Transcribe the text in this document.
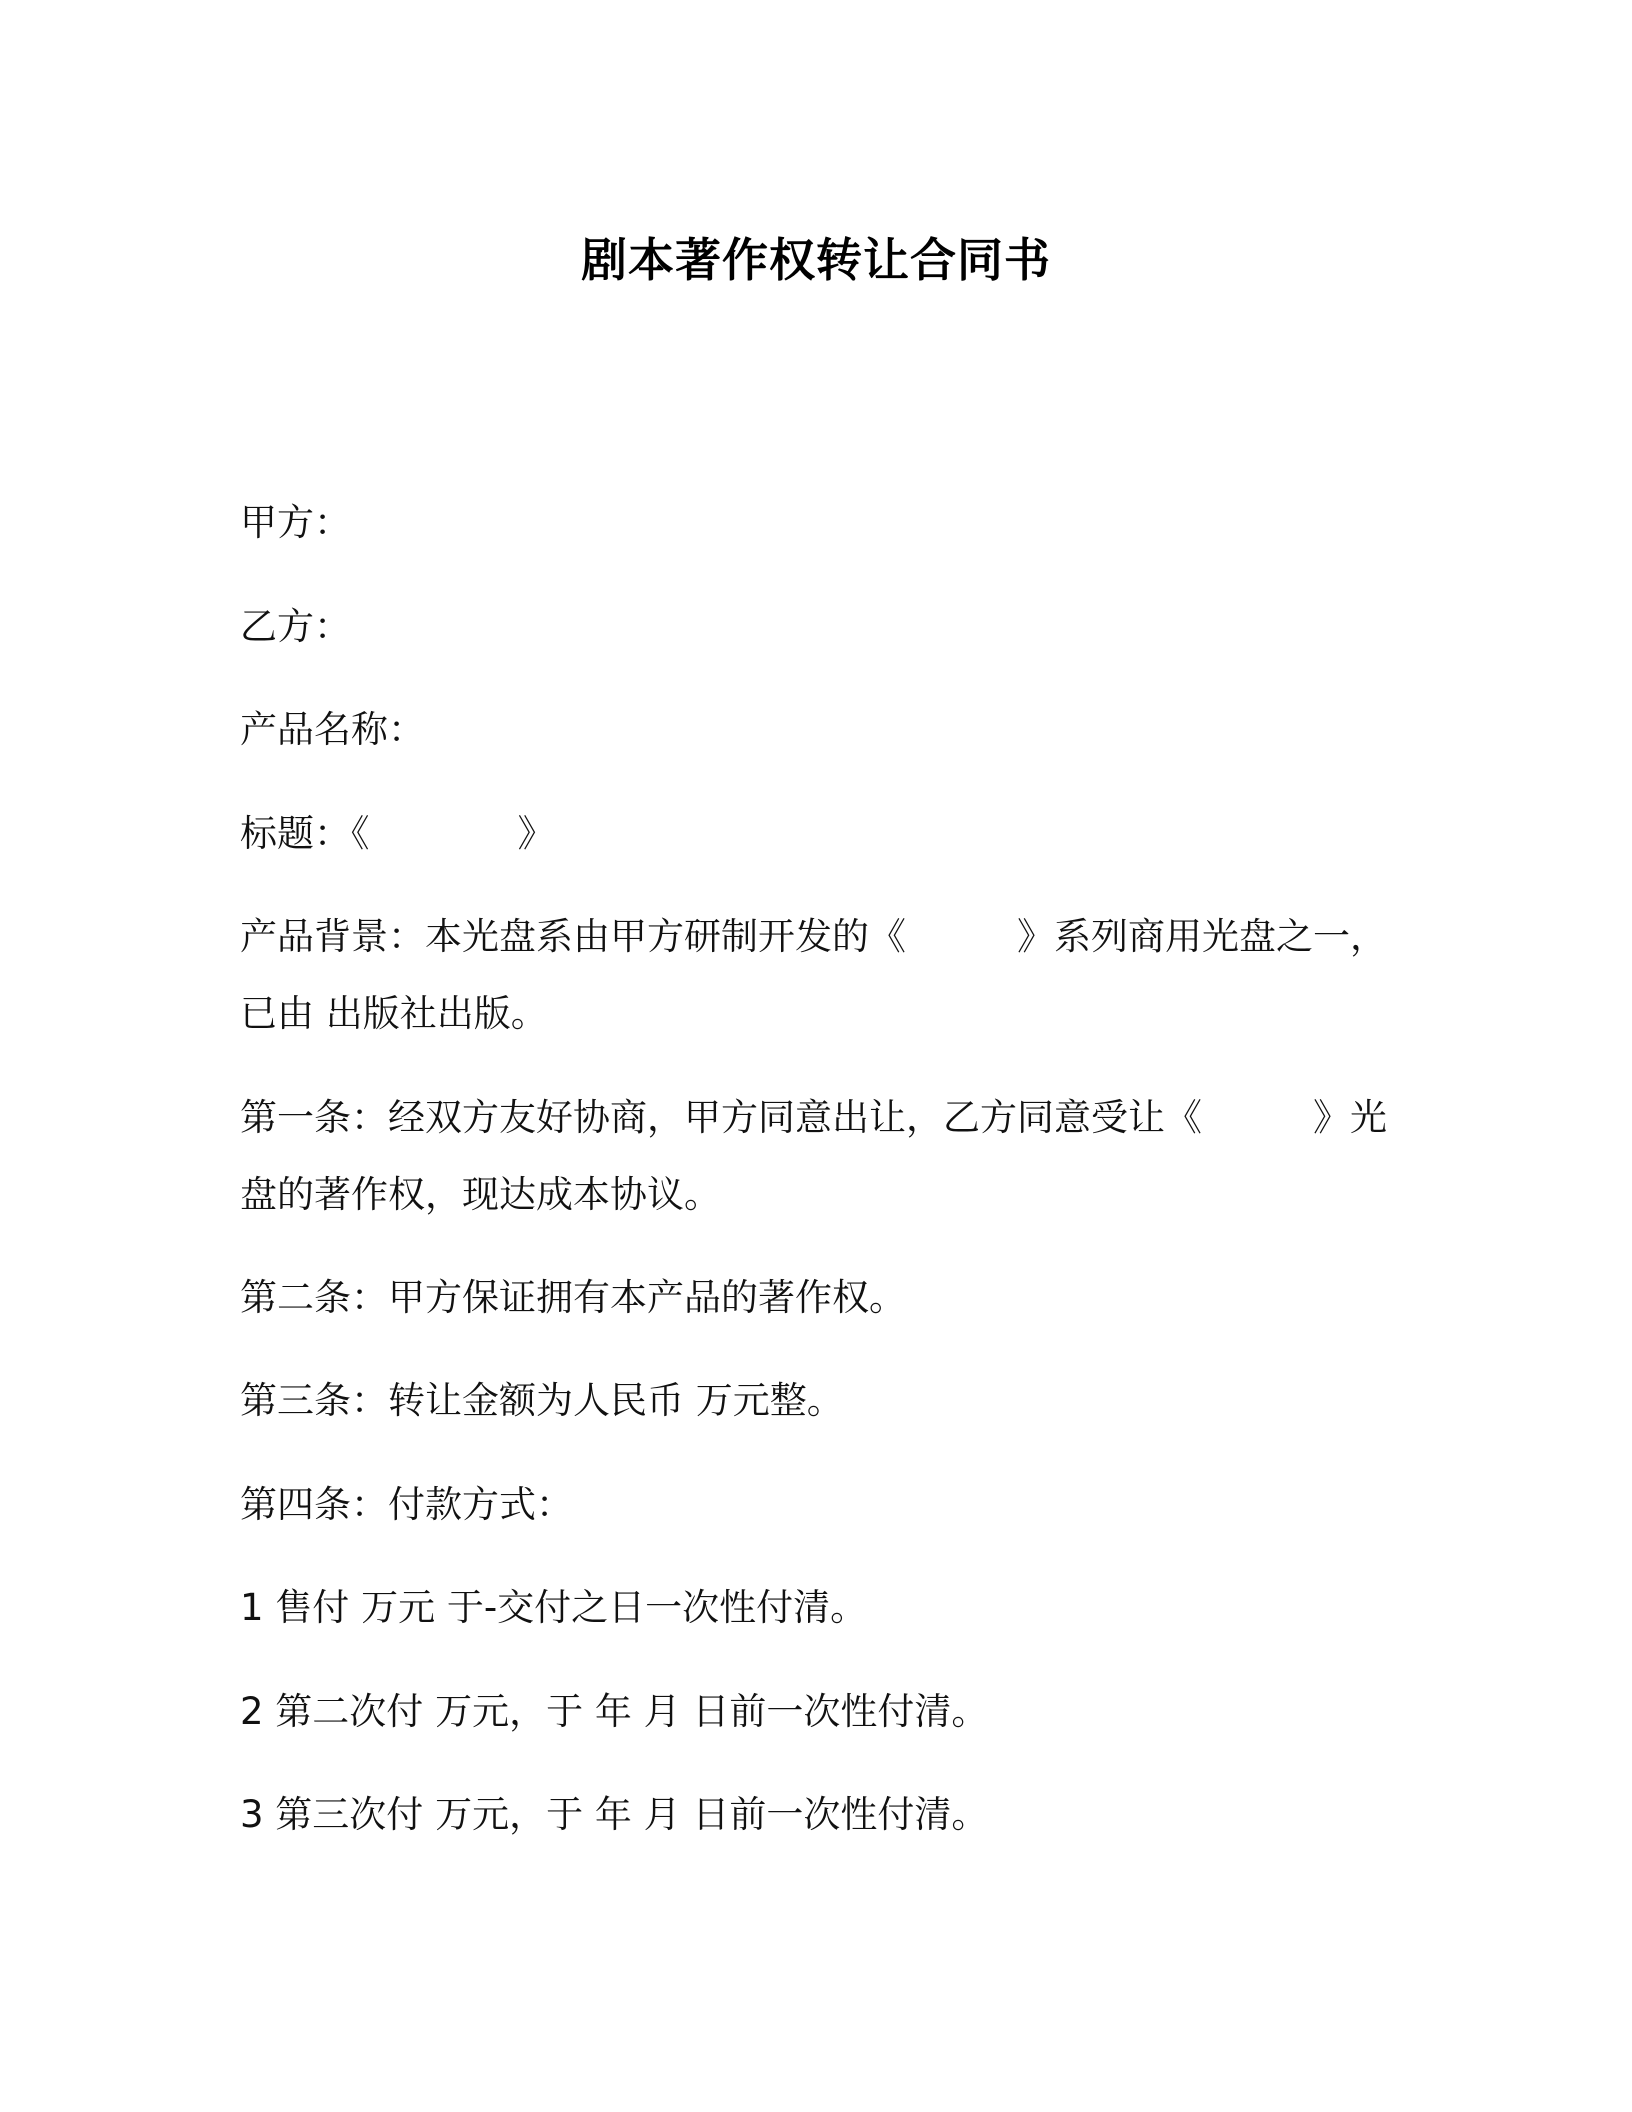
剧本著作权转让合同书
甲方：
乙方：
产品名称：
标题：《　　　　》
产品背景：本光盘系由甲方研制开发的《　　　》系列商用光盘之一，
已由 出版社出版。
第一条：经双方友好协商，甲方同意出让，乙方同意受让《　　　》光
盘的著作权，现达成本协议。
第二条：甲方保证拥有本产品的著作权。
第三条：转让金额为人民币 万元整。
第四条：付款方式：
1 售付 万元 于-交付之日一次性付清。
2 第二次付 万元，于 年 月 日前一次性付清。
3 第三次付 万元，于 年 月 日前一次性付清。
